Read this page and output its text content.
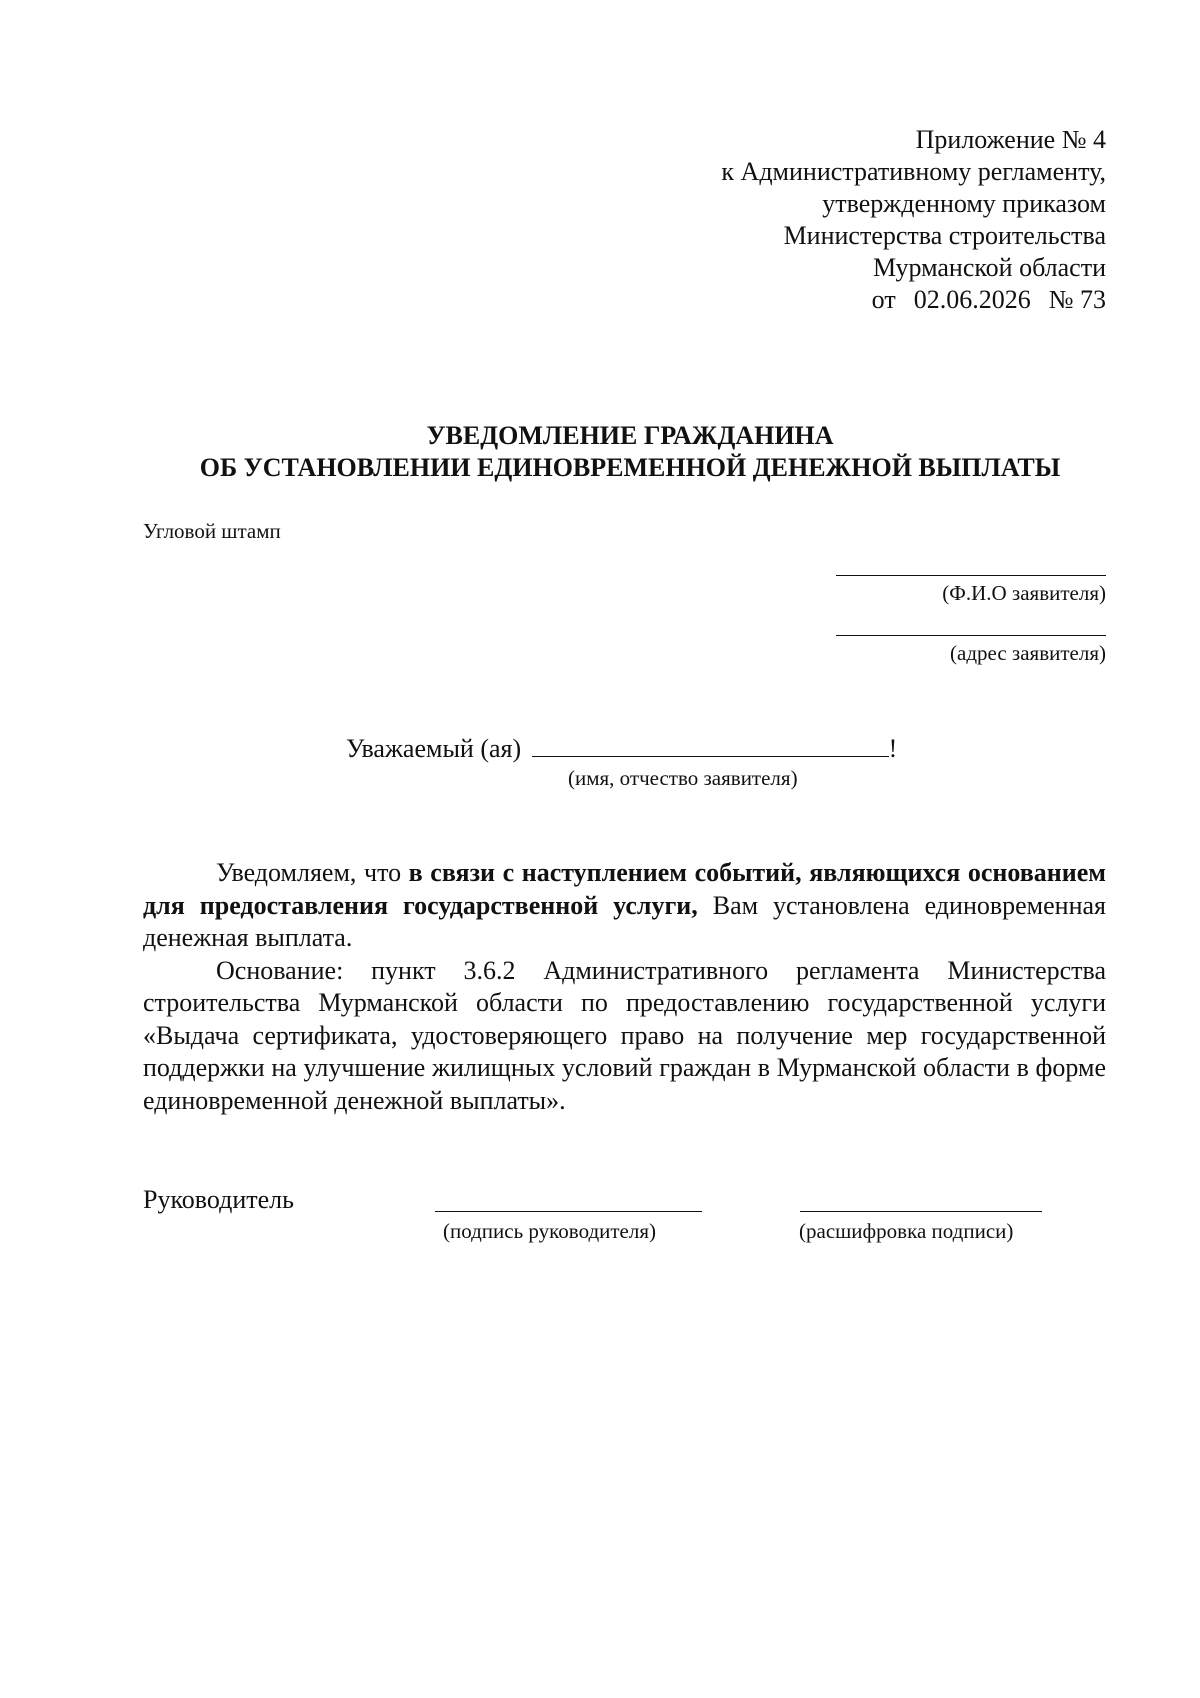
Приложение № 4
к Административному регламенту,
утвержденному приказом
Министерства строительства
Мурманской области
от 02.06.2026 № 73
УВЕДОМЛЕНИЕ ГРАЖДАНИНА
ОБ УСТАНОВЛЕНИИ ЕДИНОВРЕМЕННОЙ ДЕНЕЖНОЙ ВЫПЛАТЫ
Угловой штамп
(Ф.И.О заявителя)
(адрес заявителя)
Уважаемый (ая)	!
(имя, отчество заявителя)

Уведомляем, что в связи с наступлением событий, являющихся основанием для предоставления государственной услуги, Вам установлена единовременная денежная выплата.

Основание: пункт 3.6.2 Административного регламента Министерства строительства Мурманской области по предоставлению государственной услуги «Выдача сертификата, удостоверяющего право на получение мер государственной поддержки на улучшение жилищных условий граждан в Мурманской области в форме единовременной денежной выплаты».

Руководитель
(подпись руководителя)	(расшифровка подписи)
